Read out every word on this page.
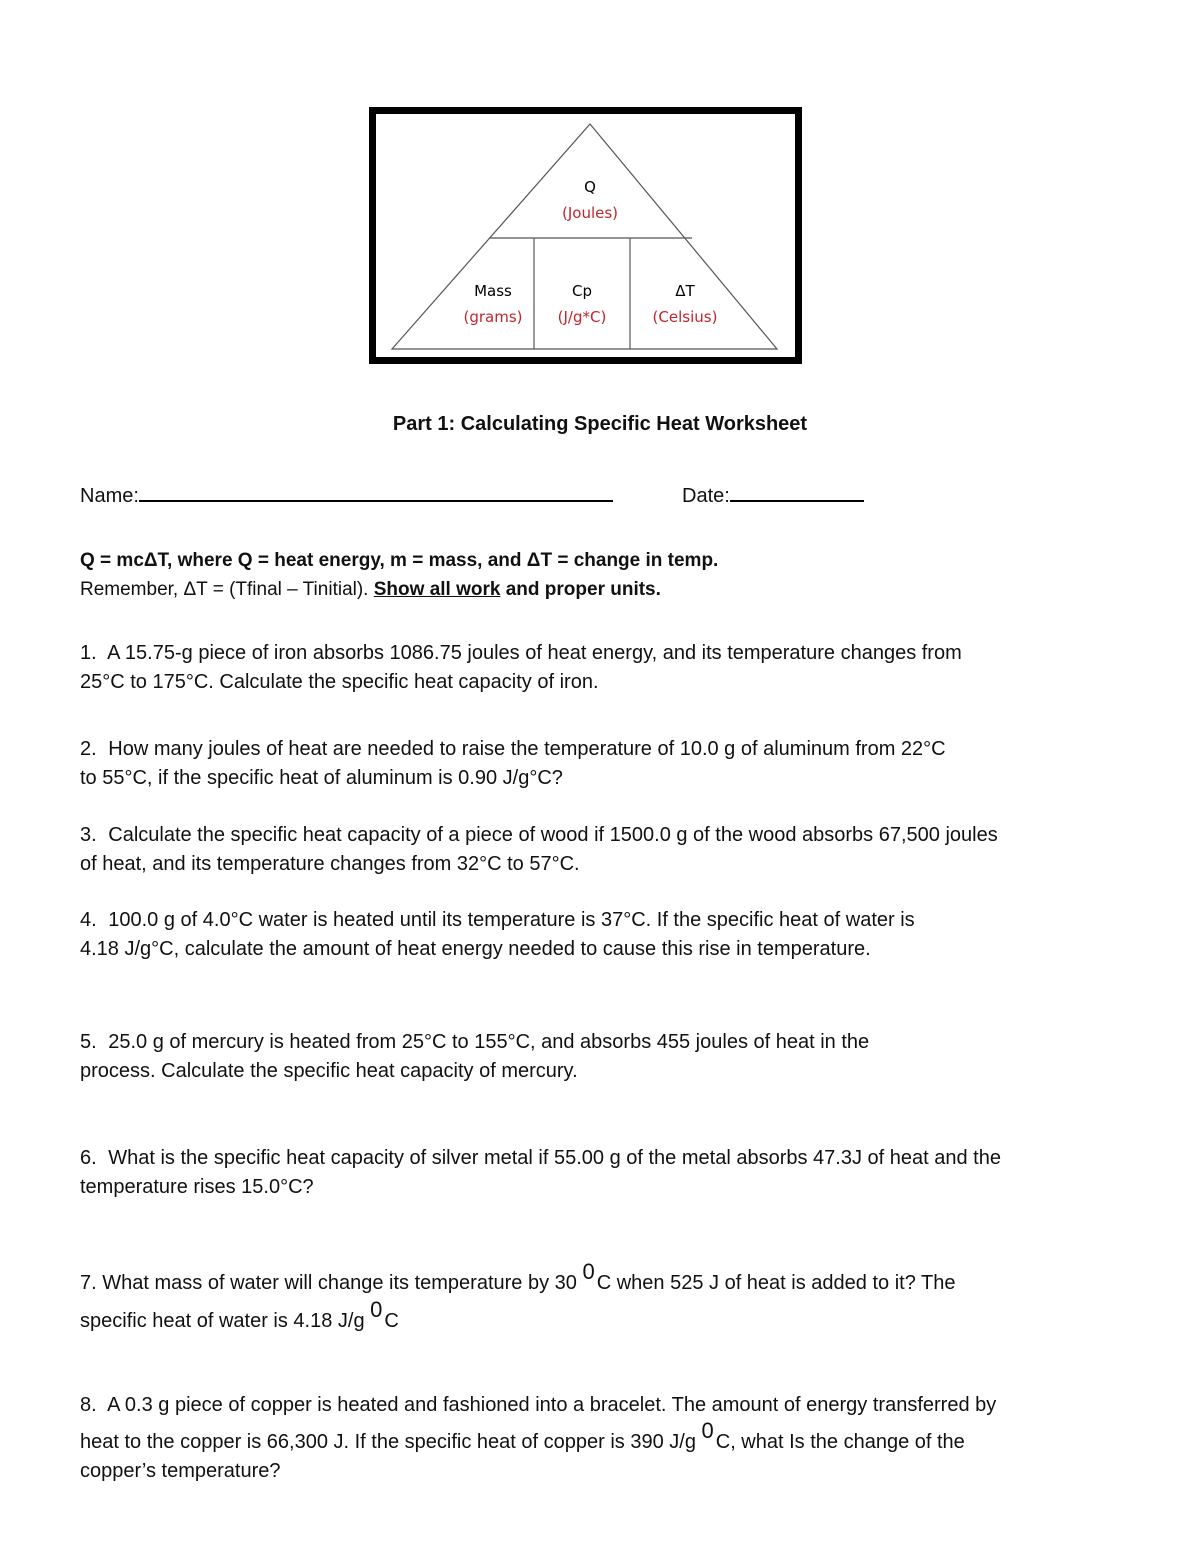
Q
(Joules)
Mass
(grams)
Cp
(J/g*C)
ΔT
(Celsius)
Part 1: Calculating Specific Heat Worksheet
Name:	Date:
Q = mcΔT, where Q = heat energy, m = mass, and ΔT = change in temp.
Remember, ΔT = (Tfinal – Tinitial). Show all work and proper units.
1. A 15.75-g piece of iron absorbs 1086.75 joules of heat energy, and its temperature changes from
25°C to 175°C. Calculate the specific heat capacity of iron.
2. How many joules of heat are needed to raise the temperature of 10.0 g of aluminum from 22°C
to 55°C, if the specific heat of aluminum is 0.90 J/g°C?
3. Calculate the specific heat capacity of a piece of wood if 1500.0 g of the wood absorbs 67,500 joules
of heat, and its temperature changes from 32°C to 57°C.
4. 100.0 g of 4.0°C water is heated until its temperature is 37°C. If the specific heat of water is
4.18 J/g°C, calculate the amount of heat energy needed to cause this rise in temperature.
5. 25.0 g of mercury is heated from 25°C to 155°C, and absorbs 455 joules of heat in the
process. Calculate the specific heat capacity of mercury.
6. What is the specific heat capacity of silver metal if 55.00 g of the metal absorbs 47.3J of heat and the
temperature rises 15.0°C?
7. What mass of water will change its temperature by 30 $^0$ C when 525 J of heat is added to it? The
specific heat of water is 4.18 J/g $^0$ C
8. A 0.3 g piece of copper is heated and fashioned into a bracelet. The amount of energy transferred by
heat to the copper is 66,300 J. If the specific heat of copper is 390 J/g $^0$ C, what Is the change of the
copper’s temperature?
